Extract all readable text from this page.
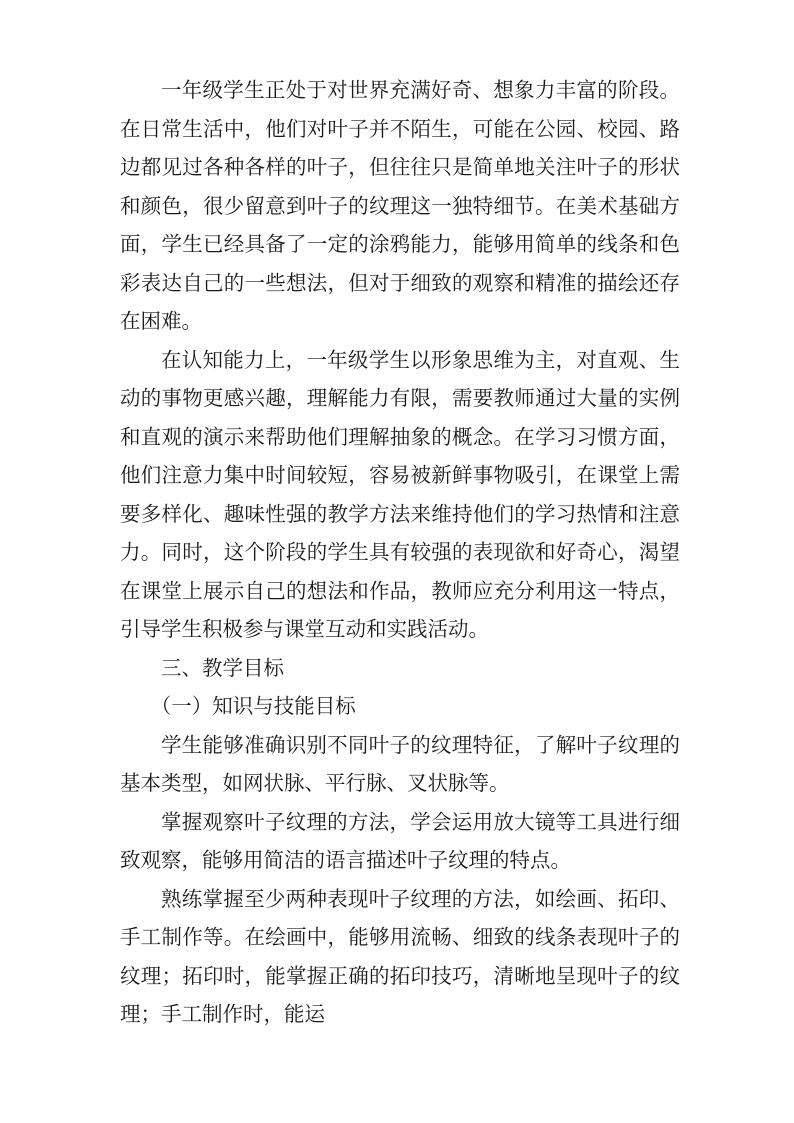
一年级学生正处于对世界充满好奇、想象力丰富的阶段。在日常生活中，他们对叶子并不陌生，可能在公园、校园、路边都见过各种各样的叶子，但往往只是简单地关注叶子的形状和颜色，很少留意到叶子的纹理这一独特细节。在美术基础方面，学生已经具备了一定的涂鸦能力，能够用简单的线条和色彩表达自己的一些想法，但对于细致的观察和精准的描绘还存在困难。

在认知能力上，一年级学生以形象思维为主，对直观、生动的事物更感兴趣，理解能力有限，需要教师通过大量的实例和直观的演示来帮助他们理解抽象的概念。在学习习惯方面，他们注意力集中时间较短，容易被新鲜事物吸引，在课堂上需要多样化、趣味性强的教学方法来维持他们的学习热情和注意力。同时，这个阶段的学生具有较强的表现欲和好奇心，渴望在课堂上展示自己的想法和作品，教师应充分利用这一特点，引导学生积极参与课堂互动和实践活动。

三、教学目标

（一）知识与技能目标

学生能够准确识别不同叶子的纹理特征，了解叶子纹理的基本类型，如网状脉、平行脉、叉状脉等。

掌握观察叶子纹理的方法，学会运用放大镜等工具进行细致观察，能够用简洁的语言描述叶子纹理的特点。

熟练掌握至少两种表现叶子纹理的方法，如绘画、拓印、手工制作等。在绘画中，能够用流畅、细致的线条表现叶子的纹理；拓印时，能掌握正确的拓印技巧，清晰地呈现叶子的纹理；手工制作时，能运
